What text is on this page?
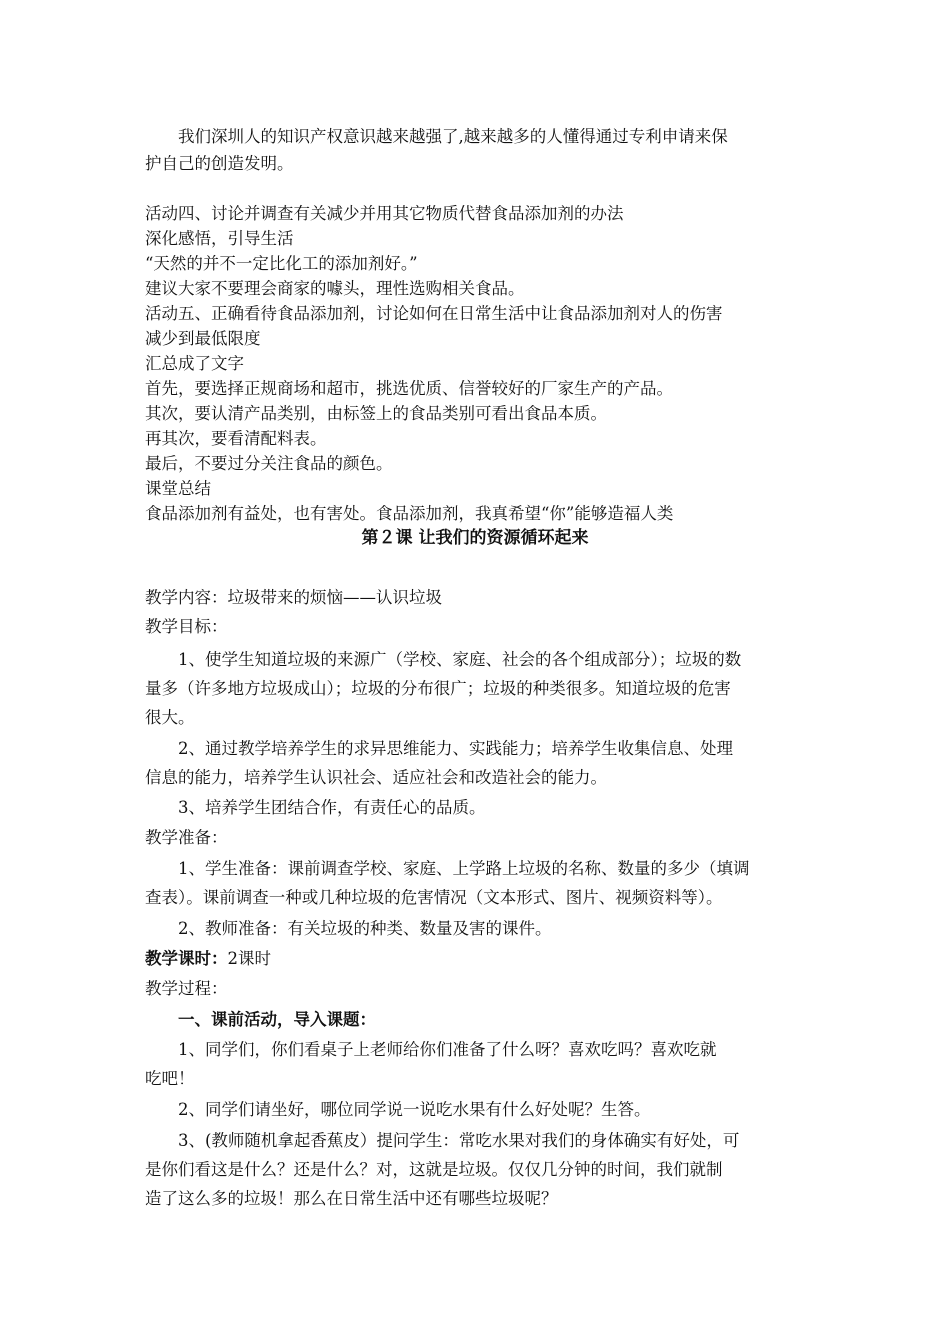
我们深圳人的知识产权意识越来越强了,越来越多的人懂得通过专利申请来保

护自己的创造发明。

活动四、讨论并调查有关减少并用其它物质代替食品添加剂的办法

深化感悟，引导生活

“天然的并不一定比化工的添加剂好。”

建议大家不要理会商家的噱头，理性选购相关食品。

活动五、正确看待食品添加剂，讨论如何在日常生活中让食品添加剂对人的伤害

减少到最低限度

汇总成了文字

首先，要选择正规商场和超市，挑选优质、信誉较好的厂家生产的产品。

其次，要认清产品类别，由标签上的食品类别可看出食品本质。

再其次，要看清配料表。

最后，不要过分关注食品的颜色。

课堂总结

食品添加剂有益处，也有害处。食品添加剂，我真希望“你”能够造福人类

第２课 让我们的资源循环起来

教学内容：垃圾带来的烦恼——认识垃圾

教学目标：

1、使学生知道垃圾的来源广（学校、家庭、社会的各个组成部分）；垃圾的数

量多（许多地方垃圾成山）；垃圾的分布很广；垃圾的种类很多。知道垃圾的危害

很大。

2、通过教学培养学生的求异思维能力、实践能力；培养学生收集信息、处理

信息的能力，培养学生认识社会、适应社会和改造社会的能力。

3、培养学生团结合作，有责任心的品质。

教学准备：

1、学生准备：课前调查学校、家庭、上学路上垃圾的名称、数量的多少（填调

查表）。课前调查一种或几种垃圾的危害情况（文本形式、图片、视频资料等）。

2、教师准备：有关垃圾的种类、数量及害的课件。

教学课时：2课时

教学过程：

一、课前活动，导入课题：

1、同学们，你们看桌子上老师给你们准备了什么呀？喜欢吃吗？喜欢吃就

吃吧！

2、同学们请坐好，哪位同学说一说吃水果有什么好处呢？生答。

3、(教师随机拿起香蕉皮）提问学生：常吃水果对我们的身体确实有好处，可

是你们看这是什么？还是什么？对，这就是垃圾。仅仅几分钟的时间，我们就制

造了这么多的垃圾！那么在日常生活中还有哪些垃圾呢？
